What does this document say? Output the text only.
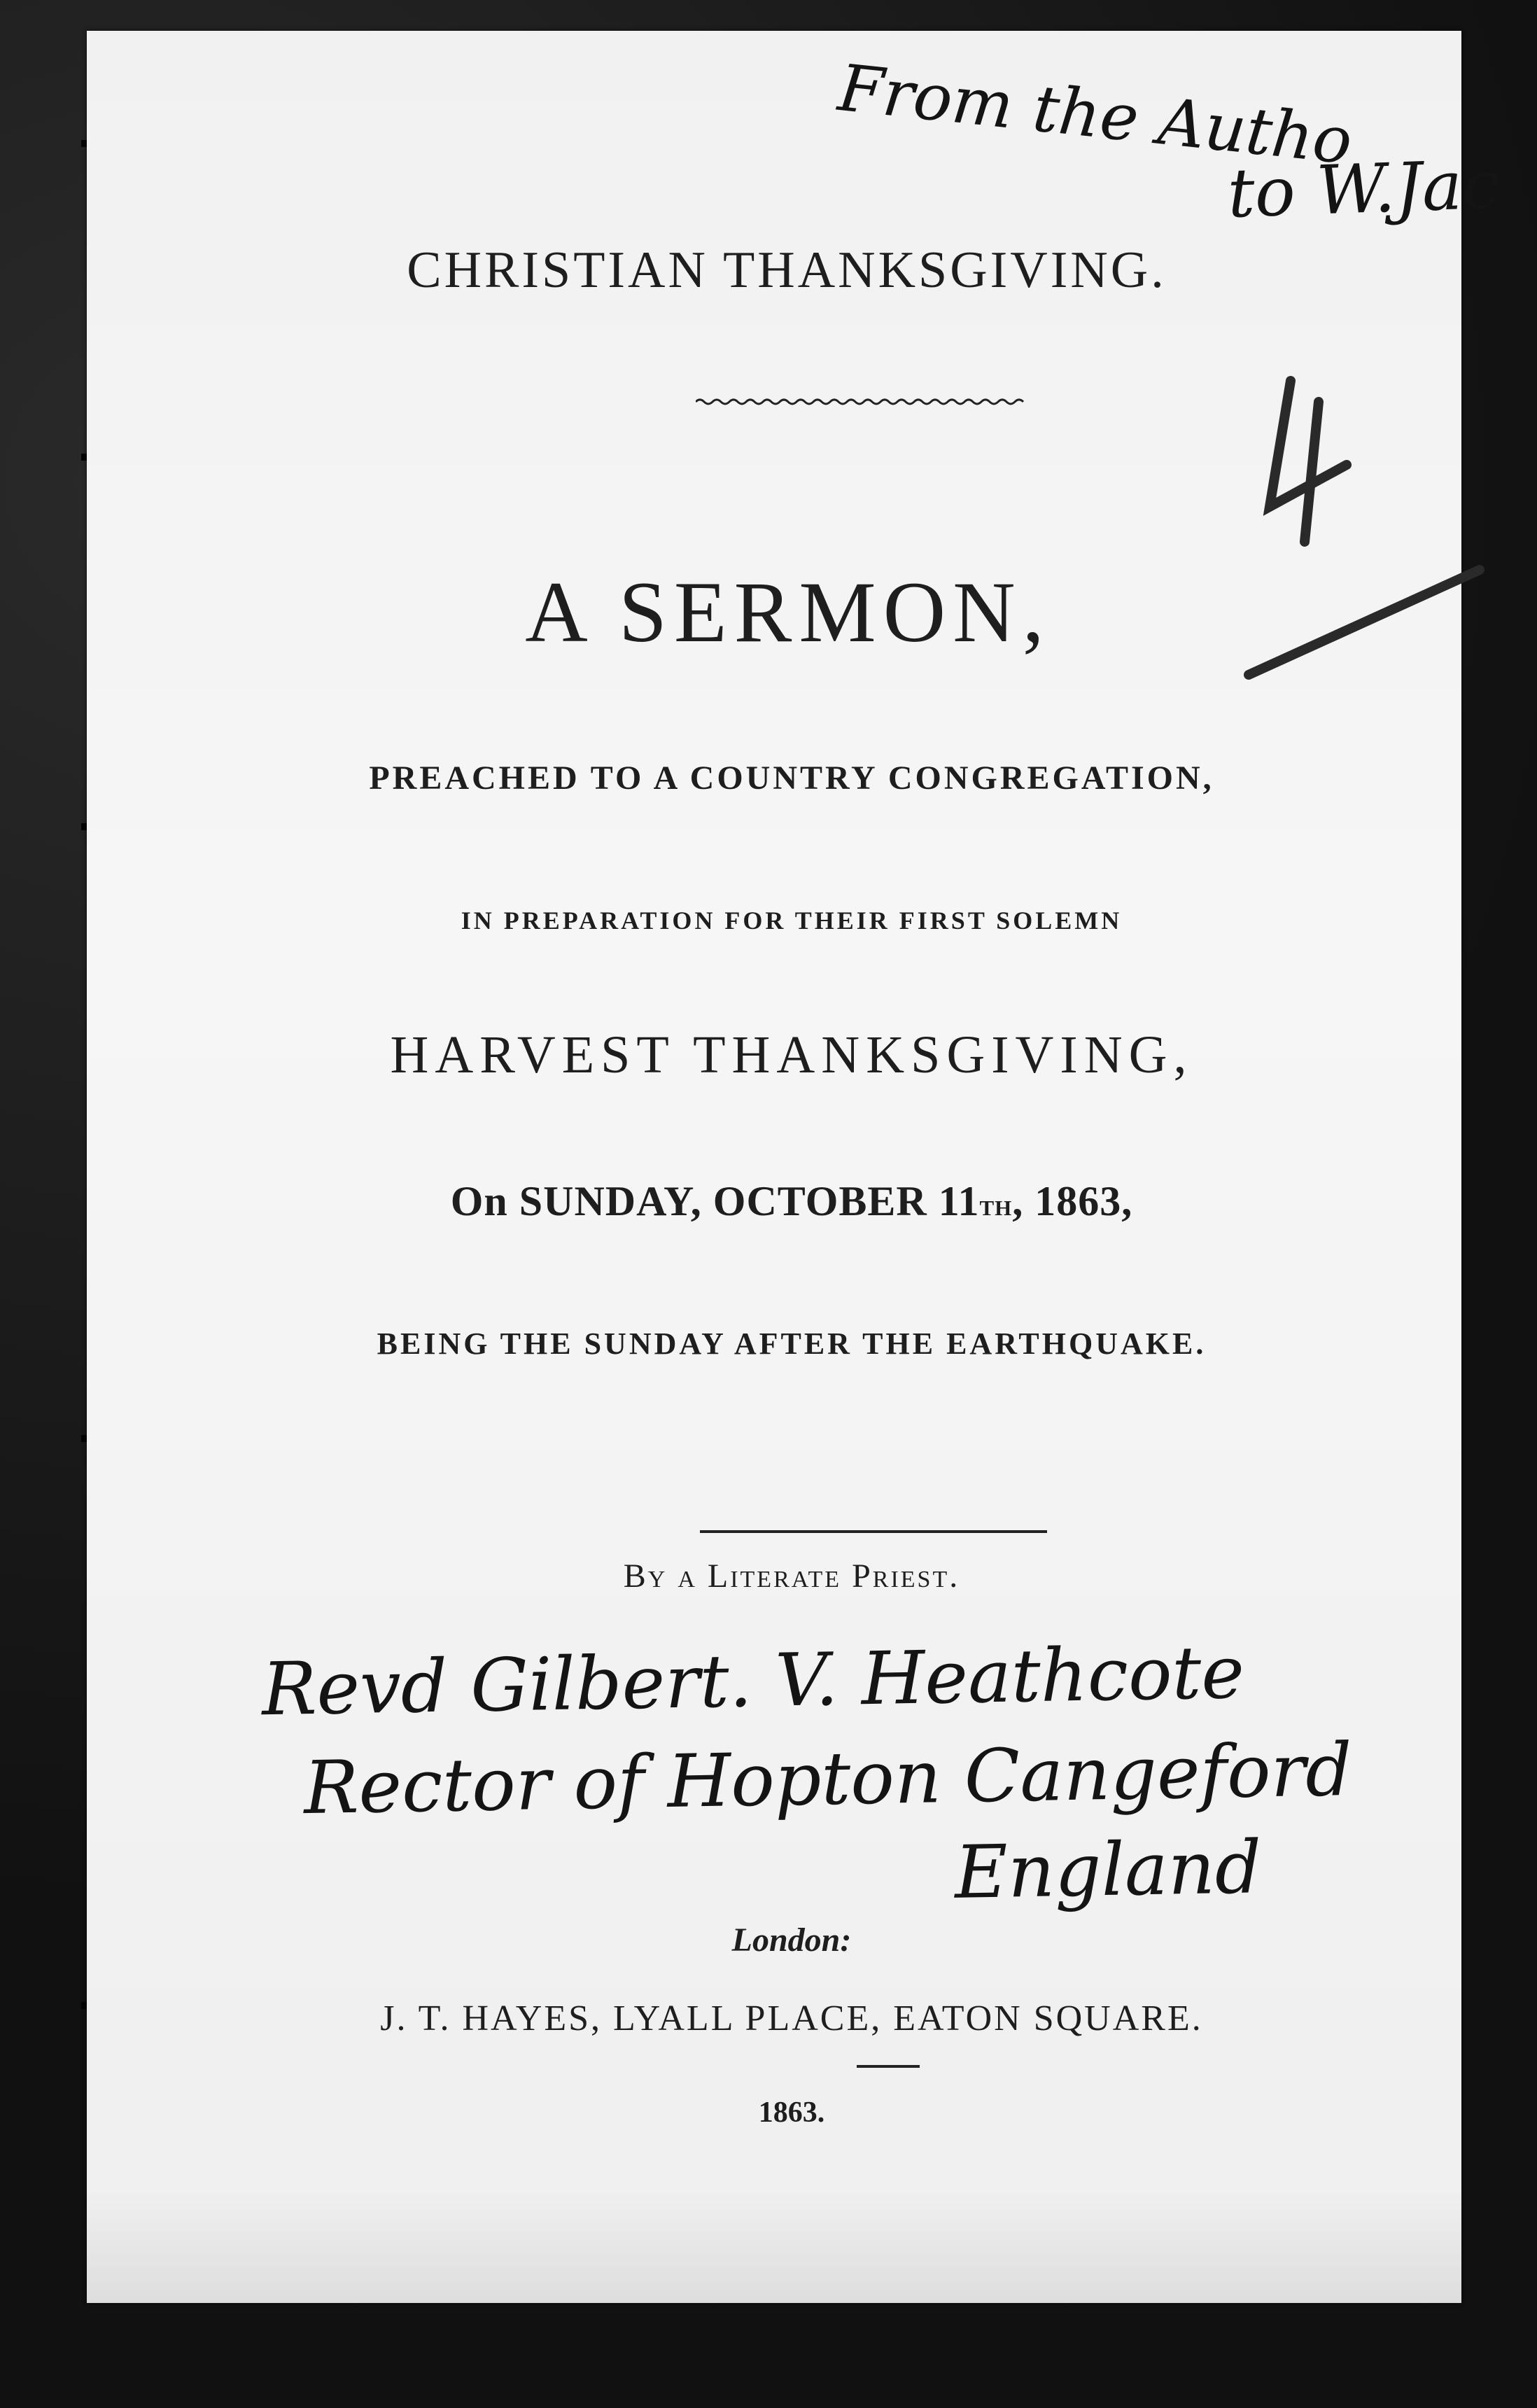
From the Autho
to W.Jac
CHRISTIAN THANKSGIVING.
4
A SERMON,
PREACHED TO A COUNTRY CONGREGATION,
IN PREPARATION FOR THEIR FIRST SOLEMN
HARVEST THANKSGIVING,
On SUNDAY, OCTOBER 11th, 1863,
BEING THE SUNDAY AFTER THE EARTHQUAKE.
By a Literate Priest.
Revd Gilbert. V. Heathcote
Rector of Hopton Cangeford
England
London:
J. T. HAYES, LYALL PLACE, EATON SQUARE.
1863.
